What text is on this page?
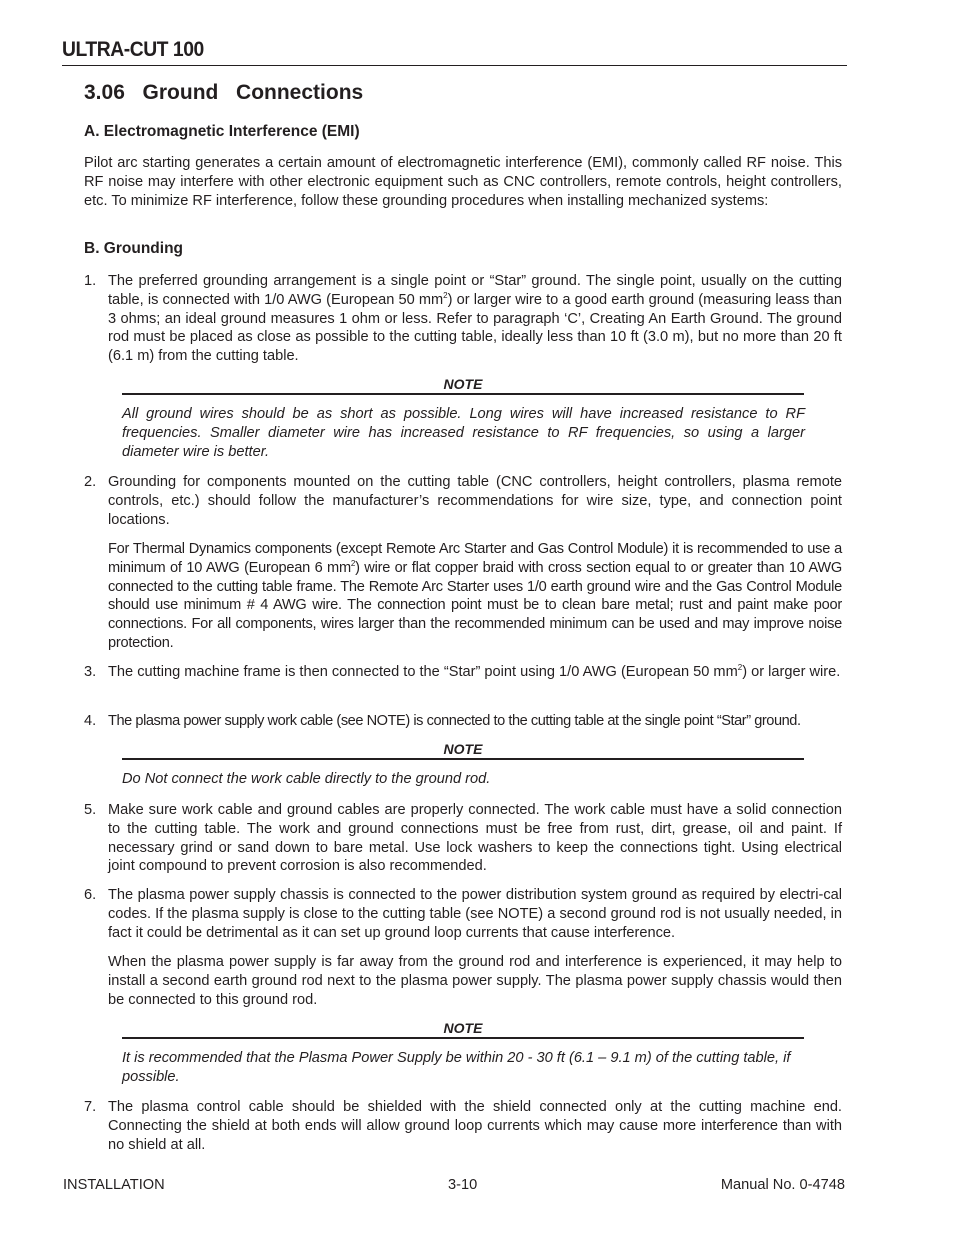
ULTRA-CUT 100
3.06  Ground  Connections
A. Electromagnetic Interference (EMI)
Pilot arc starting generates a certain amount of electromagnetic interference (EMI), commonly called RF noise. This RF noise may interfere with other electronic equipment such as CNC controllers, remote controls, height controllers, etc. To minimize RF interference, follow these grounding procedures when installing mechanized systems:
B. Grounding
1. The preferred grounding arrangement is a single point or “Star” ground. The single point, usually on the cutting table, is connected with 1/0 AWG (European 50 $mm^2$) or larger wire to a good earth ground (measuring leass than 3 ohms; an ideal ground measures 1 ohm or less. Refer to paragraph ‘C’, Creating An Earth Ground. The ground rod must be placed as close as possible to the cutting table, ideally less than 10 ft (3.0 m), but no more than 20 ft (6.1 m) from the cutting table.
NOTE
All ground wires should be as short as possible. Long wires will have increased resistance to RF frequencies. Smaller diameter wire has increased resistance to RF frequencies, so using a larger diameter wire is better.
2. Grounding for components mounted on the cutting table (CNC controllers, height controllers, plasma remote controls, etc.) should follow the manufacturer’s recommendations for wire size, type, and connection point locations.
For Thermal Dynamics components (except Remote Arc Starter and Gas Control Module) it is recommended to use a minimum of 10 AWG (European 6 $mm^2$) wire or flat copper braid with cross section equal to or greater than 10 AWG connected to the cutting table frame. The Remote Arc Starter uses 1/0 earth ground wire and the Gas Control Module should use minimum # 4 AWG wire. The connection point must be to clean bare metal; rust and paint make poor connections. For all components, wires larger than the recommended minimum can be used and may improve noise protection.
3. The cutting machine frame is then connected to the “Star” point using 1/0 AWG (European 50 $mm^2$) or larger wire.
4. The plasma power supply work cable (see NOTE) is connected to the cutting table at the single point “Star” ground.
NOTE
Do Not connect the work cable directly to the ground rod.
5. Make sure work cable and ground cables are properly connected. The work cable must have a solid connection to the cutting table. The work and ground connections must be free from rust, dirt, grease, oil and paint. If necessary grind or sand down to bare metal. Use lock washers to keep the connections tight. Using electrical joint compound to prevent corrosion is also recommended.
6. The plasma power supply chassis is connected to the power distribution system ground as required by electri-cal codes. If the plasma supply is close to the cutting table (see NOTE) a second ground rod is not usually needed, in fact it could be detrimental as it can set up ground loop currents that cause interference.
When the plasma power supply is far away from the ground rod and interference is experienced, it may help to install a second earth ground rod next to the plasma power supply. The plasma power supply chassis would then be connected to this ground rod.
NOTE
It is recommended that the Plasma Power Supply be within 20 - 30 ft (6.1 – 9.1 m) of the cutting table, if possible.
7. The plasma control cable should be shielded with the shield connected only at the cutting machine end. Connecting the shield at both ends will allow ground loop currents which may cause more interference than with no shield at all.
INSTALLATION	3-10	Manual No. 0-4748
